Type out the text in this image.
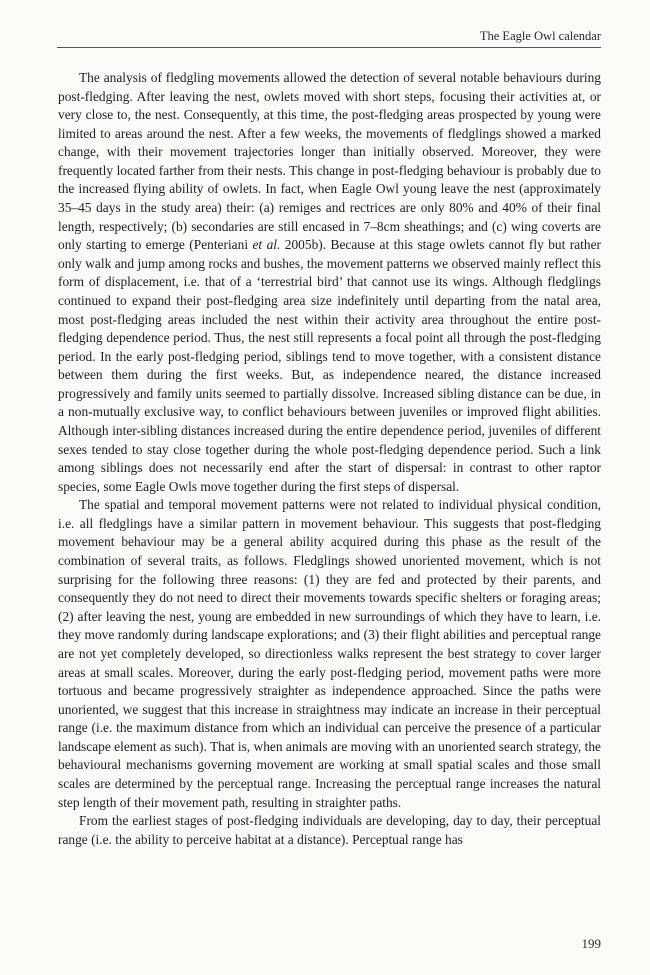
The Eagle Owl calendar

The analysis of fledgling movements allowed the detection of several notable behaviours during post-fledging. After leaving the nest, owlets moved with short steps, focusing their activities at, or very close to, the nest. Consequently, at this time, the post-fledging areas prospected by young were limited to areas around the nest. After a few weeks, the movements of fledglings showed a marked change, with their movement trajectories longer than initially observed. Moreover, they were frequently located farther from their nests. This change in post-fledging behaviour is probably due to the increased flying ability of owlets. In fact, when Eagle Owl young leave the nest (approximately 35–45 days in the study area) their: (a) remiges and rectrices are only 80% and 40% of their final length, respectively; (b) secondaries are still encased in 7–8cm sheathings; and (c) wing coverts are only starting to emerge (Penteriani et al. 2005b). Because at this stage owlets cannot fly but rather only walk and jump among rocks and bushes, the movement patterns we observed mainly reflect this form of displacement, i.e. that of a ‘terrestrial bird’ that cannot use its wings. Although fledglings continued to expand their post-fledging area size indefinitely until departing from the natal area, most post-fledging areas included the nest within their activity area throughout the entire post-fledging dependence period. Thus, the nest still represents a focal point all through the post-fledging period. In the early post-fledging period, siblings tend to move together, with a consistent distance between them during the first weeks. But, as independence neared, the distance increased progressively and family units seemed to partially dissolve. Increased sibling distance can be due, in a non-mutually exclusive way, to conflict behaviours between juveniles or improved flight abilities. Although inter-sibling distances increased during the entire dependence period, juveniles of different sexes tended to stay close together during the whole post-fledging dependence period. Such a link among siblings does not necessarily end after the start of dispersal: in contrast to other raptor species, some Eagle Owls move together during the first steps of dispersal.

The spatial and temporal movement patterns were not related to individual physical condition, i.e. all fledglings have a similar pattern in movement behaviour. This suggests that post-fledging movement behaviour may be a general ability acquired during this phase as the result of the combination of several traits, as follows. Fledglings showed unoriented movement, which is not surprising for the following three reasons: (1) they are fed and protected by their parents, and consequently they do not need to direct their movements towards specific shelters or foraging areas; (2) after leaving the nest, young are embedded in new surroundings of which they have to learn, i.e. they move randomly during landscape explorations; and (3) their flight abilities and perceptual range are not yet completely developed, so directionless walks represent the best strategy to cover larger areas at small scales. Moreover, during the early post-fledging period, movement paths were more tortuous and became progressively straighter as independence approached. Since the paths were unoriented, we suggest that this increase in straightness may indicate an increase in their perceptual range (i.e. the maximum distance from which an individual can perceive the presence of a particular landscape element as such). That is, when animals are moving with an unoriented search strategy, the behavioural mechanisms governing movement are working at small spatial scales and those small scales are determined by the perceptual range. Increasing the perceptual range increases the natural step length of their movement path, resulting in straighter paths.

From the earliest stages of post-fledging individuals are developing, day to day, their perceptual range (i.e. the ability to perceive habitat at a distance). Perceptual range has

199
